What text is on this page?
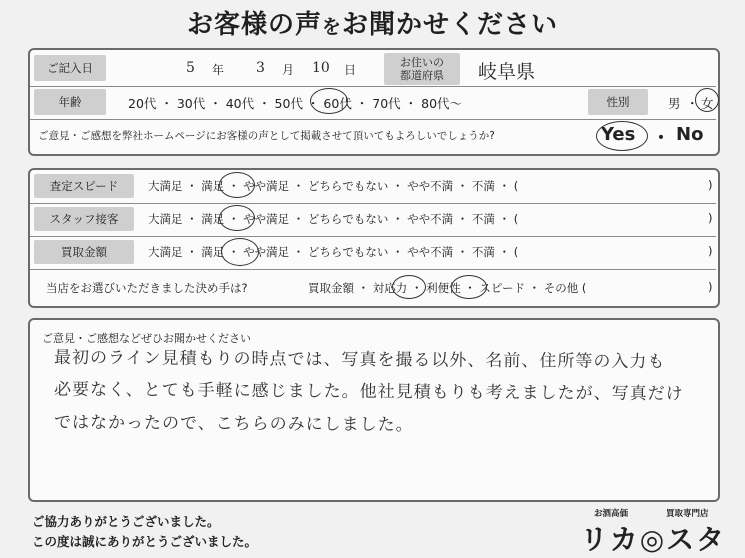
お客様の声をお聞かせください
ご記入日	5 年 3 月 10 日
お住いの
都道府県 岐阜県
年齢	20代 ・ 30代 ・ 40代 ・ 50代 ・ 60代 ・ 70代 ・ 80代〜	性別	男 ・ 女
ご意見・ご感想を弊社ホームページにお客様の声として掲載させて頂いてもよろしいでしょうか?	Yes ・ No
査定スピード	大満足 ・ 満足 ・ やや満足 ・ どちらでもない ・ やや不満 ・ 不満 ・ (	)
スタッフ接客	大満足 ・ 満足 ・ やや満足 ・ どちらでもない ・ やや不満 ・ 不満 ・ (	)
買取金額	大満足 ・ 満足 ・ やや満足 ・ どちらでもない ・ やや不満 ・ 不満 ・ (	)
当店をお選びいただきました決め手は?	買取金額 ・ 対応力 ・ 利便性 ・ スピード ・ その他 (	)
ご意見・ご感想などぜひお聞かせください
最初のライン見積もりの時点では、写真を撮る以外、名前、住所等の入力も
必要なく、とても手軽に感じました。他社見積もりも考えましたが、写真だけ
ではなかったので、こちらのみにしました。
ご協力ありがとうございました。
この度は誠にありがとうございました。
お酒高価	買取専門店
リカ◎スタ
